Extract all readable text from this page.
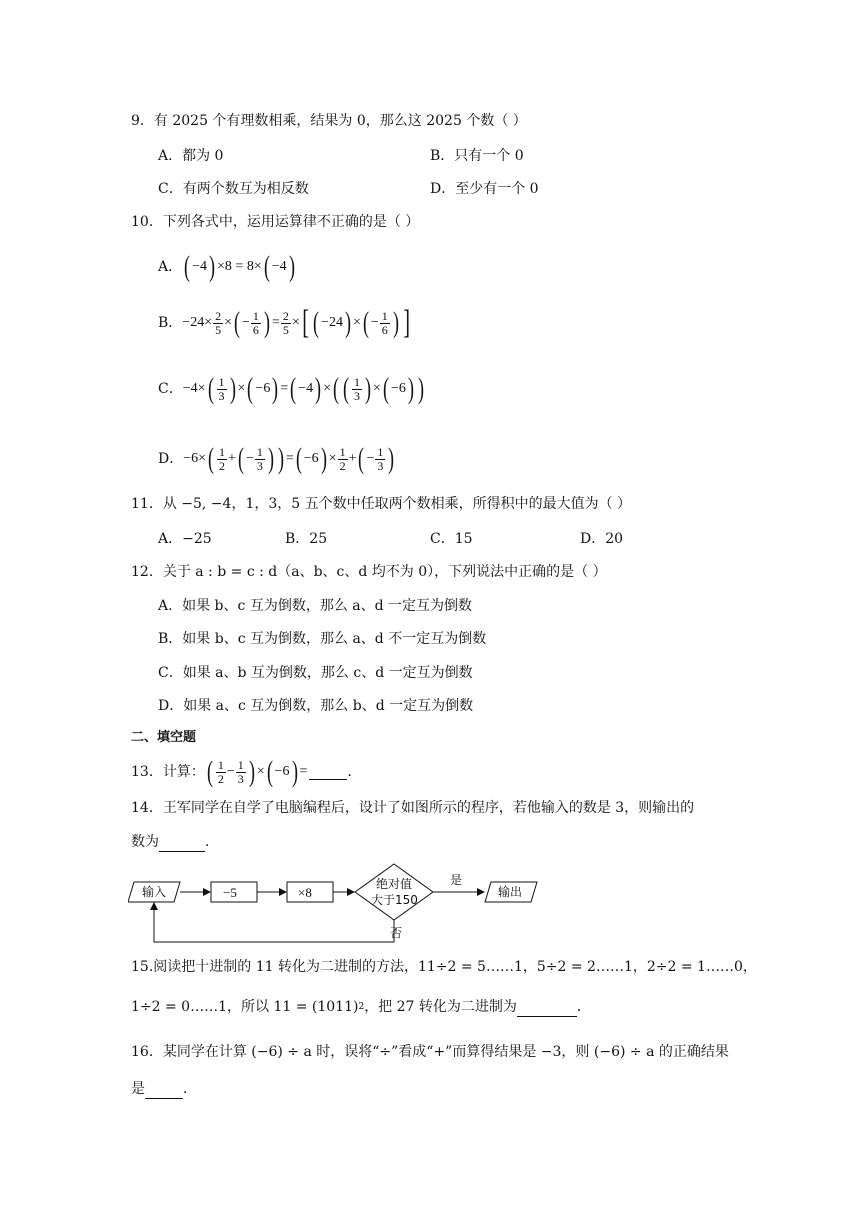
9．有 2025 个有理数相乘，结果为 0，那么这 2025 个数（ ）
A．都为 0	B．只有一个 0
C．有两个数互为相反数	D．至少有一个 0
10．下列各式中，运用运算律不正确的是（ ）
A． ( −4 ) ×8 = 8× ( −4 )
B． $-24\times \frac{2}{5}$ × ( − $\frac{1}{6}$ ) = $\frac{2}{5}$ × [ ( −24 ) × ( − $\frac{1}{6}$ ) ]
C． −4× ( $\frac{1}{3}$ ) × ( −6 ) = ( −4 ) × ( ( $\frac{1}{3}$ ) × ( −6 ) )
D． −6× ( $\frac{1}{2}$ + ( − $\frac{1}{3}$ ) ) = ( −6 ) × $\frac{1}{2}$ + ( − $\frac{1}{3}$ )
11．从 −5, −4，1，3，5 五个数中任取两个数相乘，所得积中的最大值为（ ）
A．−25	B．25	C．15	D．20
12．关于 a : b = c : d（a、b、c、d 均不为 0），下列说法中正确的是（ ）
A．如果 b、c 互为倒数，那么 a、d 一定互为倒数
B．如果 b、c 互为倒数，那么 a、d 不一定互为倒数
C．如果 a、b 互为倒数，那么 c、d 一定互为倒数
D．如果 a、c 互为倒数，那么 b、d 一定互为倒数
二、填空题
13．计算： ( $\frac{1}{2} - \frac{1}{3}$ ) × ( −6 ) =	．
14．王军同学在自学了电脑编程后，设计了如图所示的程序，若他输入的数是 3，则输出的
数为	．
输入	−5	×8
绝对值
大于150
是
输出
否
15.阅读把十进制的 11 转化为二进制的方法，11÷2 = 5……1，5÷2 = 2……1，2÷2 = 1……0，
1÷2 = 0……1，所以 11 = (1011) 2 ，把 27 转化为二进制为	．
16．某同学在计算 (−6) ÷ a 时，误将“÷”看成“+”而算得结果是 −3，则 (−6) ÷ a 的正确结果
是	．
